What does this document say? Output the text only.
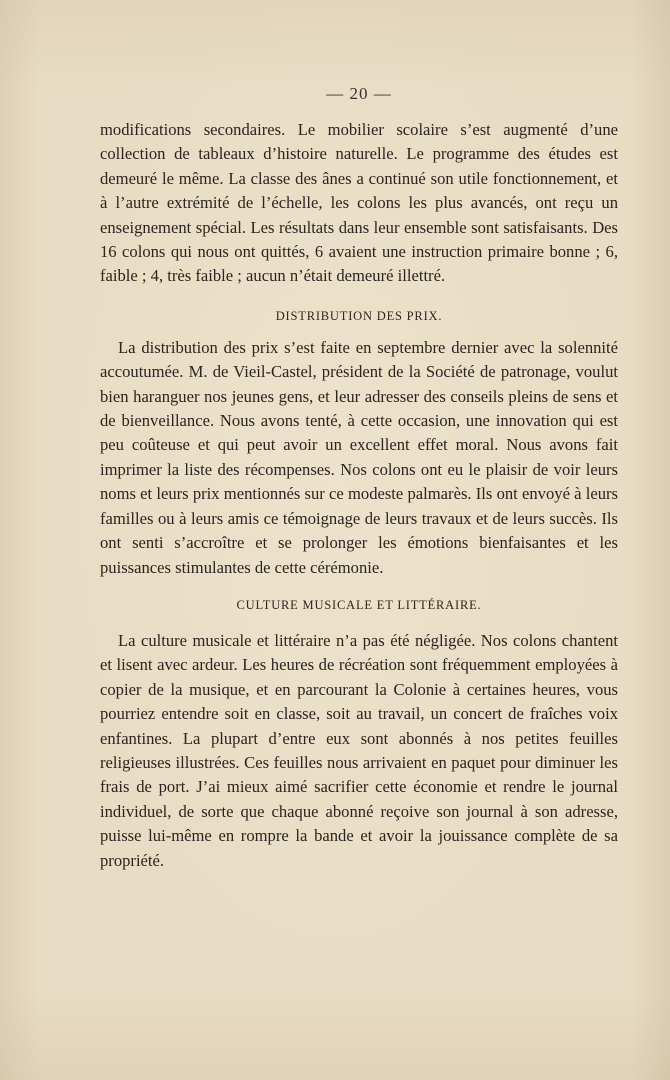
— 20 —

modifications secondaires. Le mobilier scolaire s’est augmenté d’une collection de tableaux d’histoire naturelle. Le programme des études est demeuré le même. La classe des ânes a continué son utile fonctionnement, et à l’autre extrémité de l’échelle, les colons les plus avancés, ont reçu un enseignement spécial. Les résultats dans leur ensemble sont satisfaisants. Des 16 colons qui nous ont quittés, 6 avaient une instruction primaire bonne ; 6, faible ; 4, très faible ; aucun n’était demeuré illettré.

DISTRIBUTION DES PRIX.

La distribution des prix s’est faite en septembre dernier avec la solennité accoutumée. M. de Vieil-Castel, président de la Société de patronage, voulut bien haranguer nos jeunes gens, et leur adresser des conseils pleins de sens et de bienveillance. Nous avons tenté, à cette occasion, une innovation qui est peu coûteuse et qui peut avoir un excellent effet moral. Nous avons fait imprimer la liste des récompenses. Nos colons ont eu le plaisir de voir leurs noms et leurs prix mentionnés sur ce modeste palmarès. Ils ont envoyé à leurs familles ou à leurs amis ce témoignage de leurs travaux et de leurs succès. Ils ont senti s’accroître et se prolonger les émotions bienfaisantes et les puissances stimulantes de cette cérémonie.

CULTURE MUSICALE ET LITTÉRAIRE.

La culture musicale et littéraire n’a pas été négligée. Nos colons chantent et lisent avec ardeur. Les heures de récréation sont fréquemment employées à copier de la musique, et en parcourant la Colonie à certaines heures, vous pourriez entendre soit en classe, soit au travail, un concert de fraîches voix enfantines. La plupart d’entre eux sont abonnés à nos petites feuilles religieuses illustrées. Ces feuilles nous arrivaient en paquet pour diminuer les frais de port. J’ai mieux aimé sacrifier cette économie et rendre le journal individuel, de sorte que chaque abonné reçoive son journal à son adresse, puisse lui-même en rompre la bande et avoir la jouissance complète de sa propriété.
